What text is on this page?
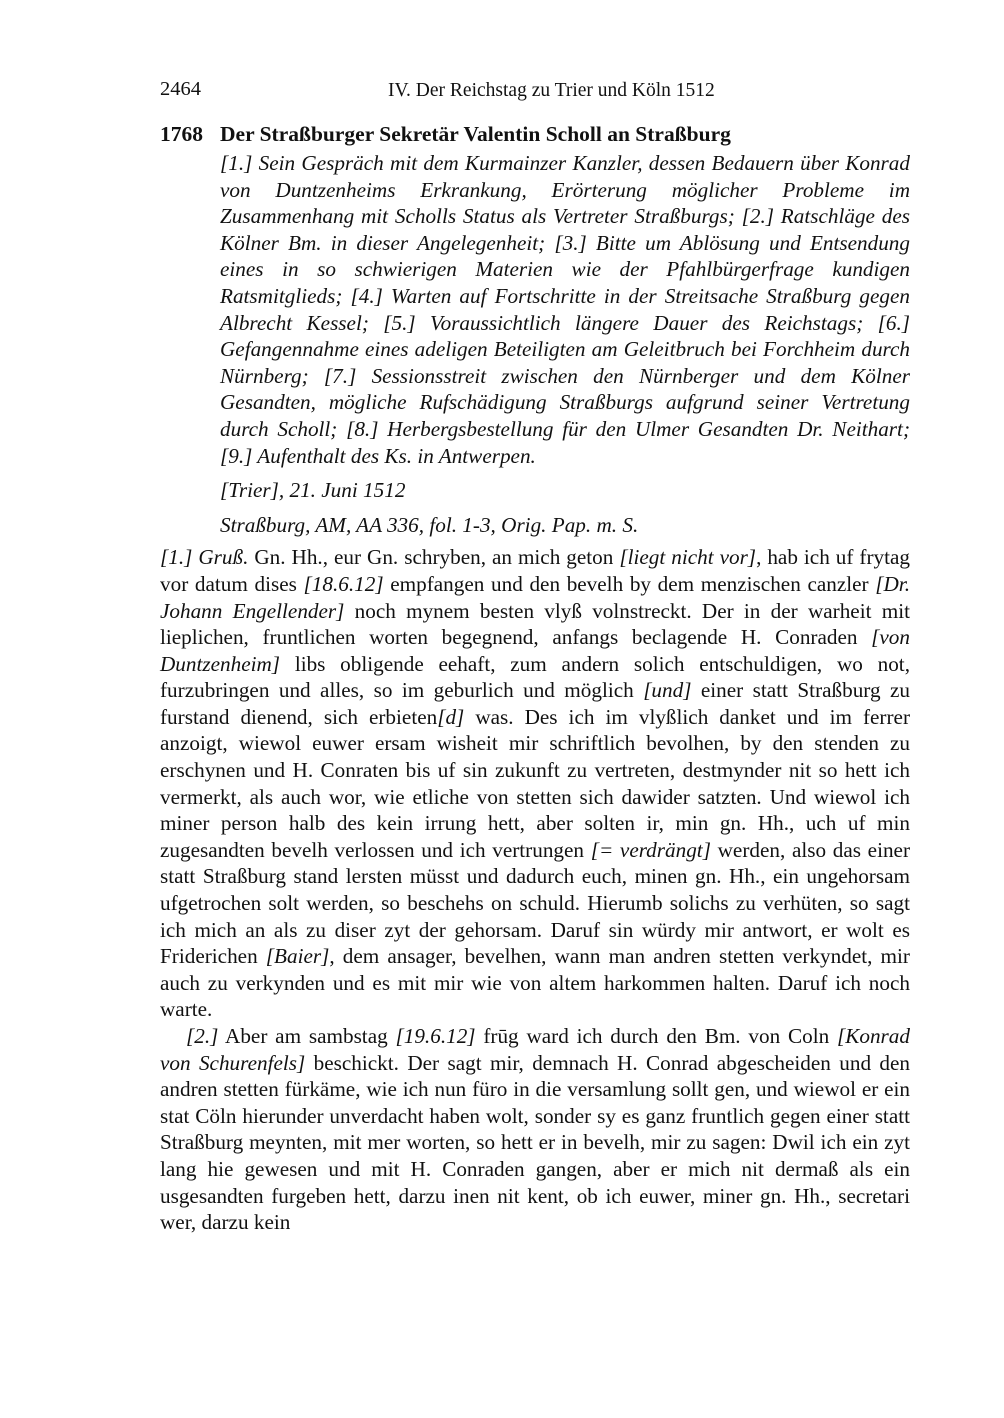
2464	IV. Der Reichstag zu Trier und Köln 1512
1768 Der Straßburger Sekretär Valentin Scholl an Straßburg
[1.] Sein Gespräch mit dem Kurmainzer Kanzler, dessen Bedauern über Konrad von Duntzenheims Erkrankung, Erörterung möglicher Probleme im Zusammenhang mit Scholls Status als Vertreter Straßburgs; [2.] Ratschläge des Kölner Bm. in dieser Angelegenheit; [3.] Bitte um Ablösung und Entsendung eines in so schwierigen Materien wie der Pfahlbürgerfrage kundigen Ratsmitglieds; [4.] Warten auf Fortschritte in der Streitsache Straßburg gegen Albrecht Kessel; [5.] Voraussichtlich längere Dauer des Reichstags; [6.] Gefangennahme eines adeligen Beteiligten am Geleitbruch bei Forchheim durch Nürnberg; [7.] Sessionsstreit zwischen den Nürnberger und dem Kölner Gesandten, mögliche Rufschädigung Straßburgs aufgrund seiner Vertretung durch Scholl; [8.] Herbergsbestellung für den Ulmer Gesandten Dr. Neithart; [9.] Aufenthalt des Ks. in Antwerpen.
[Trier], 21. Juni 1512
Straßburg, AM, AA 336, fol. 1-3, Orig. Pap. m. S.

[1.] Gruß. Gn. Hh., eur Gn. schryben, an mich geton [liegt nicht vor], hab ich uf frytag vor datum dises [18.6.12] empfangen und den bevelh by dem menzischen canzler [Dr. Johann Engellender] noch mynem besten vlyß volnstreckt. Der in der warheit mit lieplichen, fruntlichen worten begegnend, anfangs beclagende H. Conraden [von Duntzenheim] libs obligende eehaft, zum andern solich entschuldigen, wo not, furzubringen und alles, so im geburlich und möglich [und] einer statt Straßburg zu furstand dienend, sich erbieten[d] was. Des ich im vlyßlich danket und im ferrer anzoigt, wiewol euwer ersam wisheit mir schriftlich bevolhen, by den stenden zu erschynen und H. Conraten bis uf sin zukunft zu vertreten, destmynder nit so hett ich vermerkt, als auch wor, wie etliche von stetten sich dawider satzten. Und wiewol ich miner person halb des kein irrung hett, aber solten ir, min gn. Hh., uch uf min zugesandten bevelh verlossen und ich vertrungen [= verdrängt] werden, also das einer statt Straßburg stand lersten müsst und dadurch euch, minen gn. Hh., ein ungehorsam ufgetrochen solt werden, so beschehs on schuld. Hierumb solichs zu verhüten, so sagt ich mich an als zu diser zyt der gehorsam. Daruf sin würdy mir antwort, er wolt es Friderichen [Baier], dem ansager, bevelhen, wann man andren stetten verkyndet, mir auch zu verkynden und es mit mir wie von altem harkommen halten. Daruf ich noch warte.

[2.] Aber am sambstag [19.6.12] frūg ward ich durch den Bm. von Coln [Konrad von Schurenfels] beschickt. Der sagt mir, demnach H. Conrad abgescheiden und den andren stetten fürkäme, wie ich nun füro in die versamlung sollt gen, und wiewol er ein stat Cöln hierunder unverdacht haben wolt, sonder sy es ganz fruntlich gegen einer statt Straßburg meynten, mit mer worten, so hett er in bevelh, mir zu sagen: Dwil ich ein zyt lang hie gewesen und mit H. Conraden gangen, aber er mich nit dermaß als ein usgesandten furgeben hett, darzu inen nit kent, ob ich euwer, miner gn. Hh., secretari wer, darzu kein
